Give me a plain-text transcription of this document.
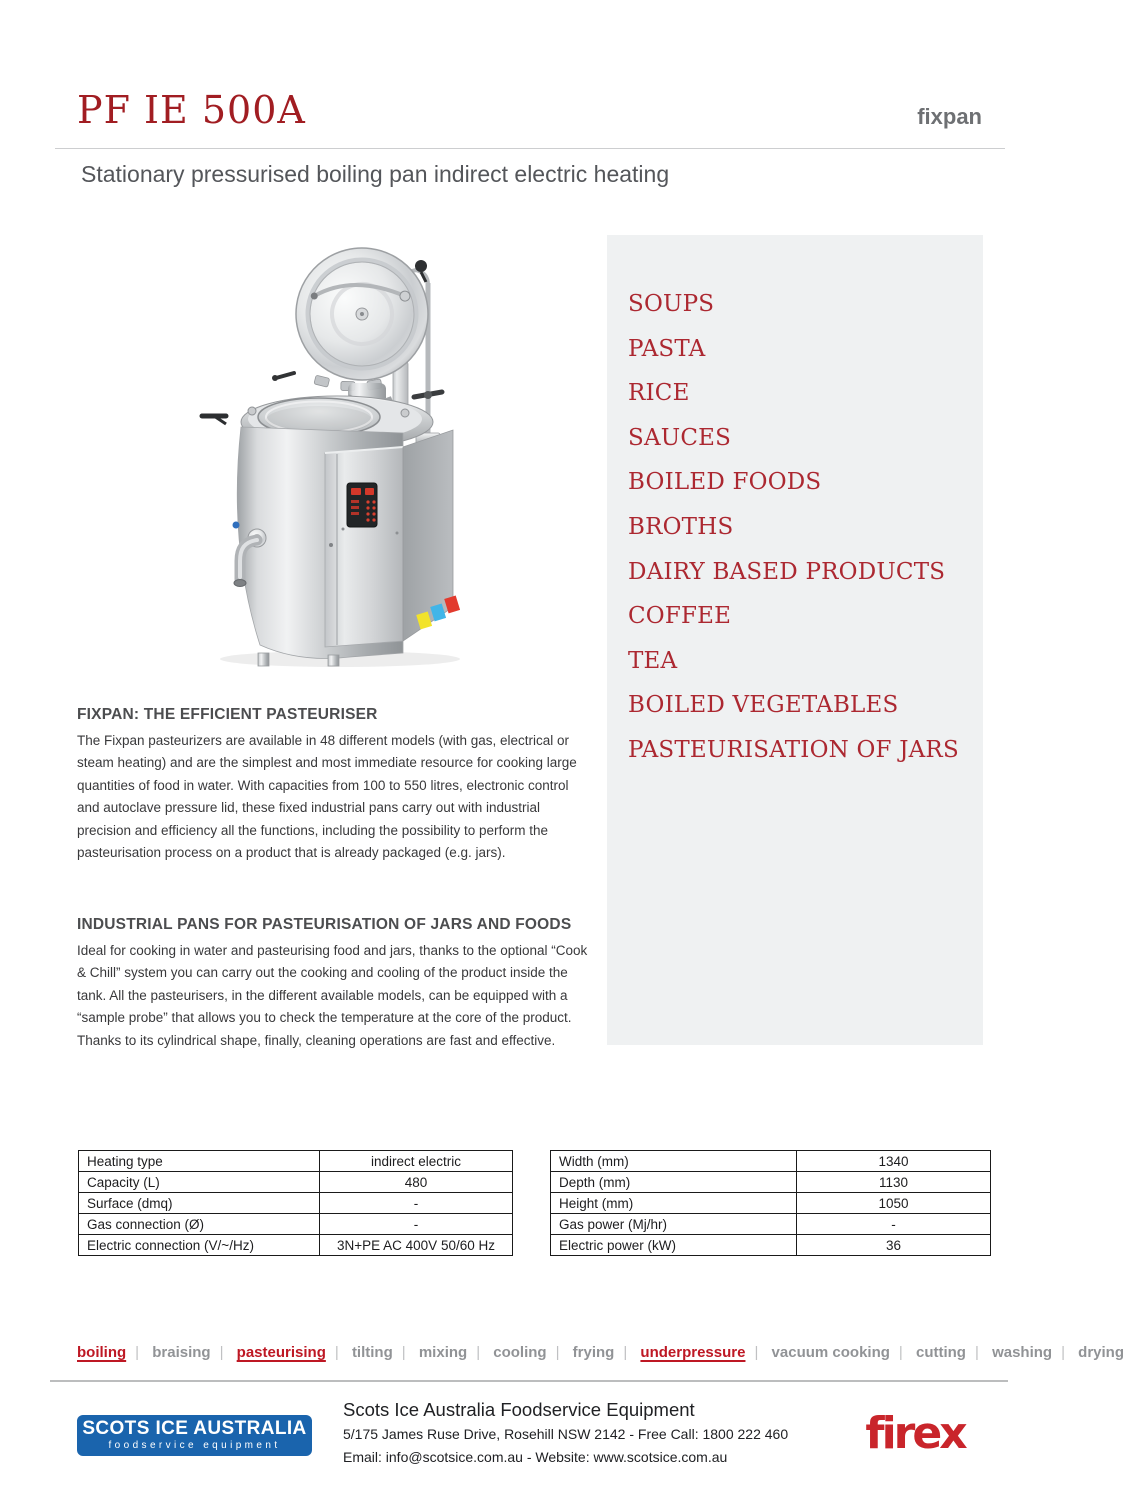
PF IE 500A	fixpan
Stationary pressurised boiling pan indirect electric heating
SOUPS
PASTA
RICE
SAUCES
BOILED FOODS
BROTHS
DAIRY BASED PRODUCTS
COFFEE
TEA
BOILED VEGETABLES
PASTEURISATION OF JARS
FIXPAN: THE EFFICIENT PASTEURISER
The Fixpan pasteurizers are available in 48 different models (with gas, electrical or steam heating) and are the simplest and most immediate resource for cooking large quantities of food in water. With capacities from 100 to 550 litres, electronic control and autoclave pressure lid, these fixed industrial pans carry out with industrial precision and efficiency all the functions, including the possibility to perform the pasteurisation process on a product that is already packaged (e.g. jars).
INDUSTRIAL PANS FOR PASTEURISATION OF JARS AND FOODS
Ideal for cooking in water and pasteurising food and jars, thanks to the optional “Cook & Chill” system you can carry out the cooking and cooling of the product inside the tank. All the pasteurisers, in the different available models, can be equipped with a “sample probe” that allows you to check the temperature at the core of the product. Thanks to its cylindrical shape, finally, cleaning operations are fast and effective.
Heating type	indirect electric
Capacity (L)	480
Surface (dmq)	-
Gas connection (Ø)	-
Electric connection (V/~/Hz)	3N+PE AC 400V 50/60 Hz
Width (mm)	1340
Depth (mm)	1130
Height (mm)	1050
Gas power (Mj/hr)	-
Electric power (kW)	36
boiling | braising | pasteurising | tilting | mixing | cooling | frying | underpressure | vacuum cooking | cutting | washing | drying
SCOTS ICE AUSTRALIA
foodservice equipment
Scots Ice Australia Foodservice Equipment
5/175 James Ruse Drive, Rosehill NSW 2142 - Free Call: 1800 222 460
Email: info@scotsice.com.au - Website: www.scotsice.com.au	firex
